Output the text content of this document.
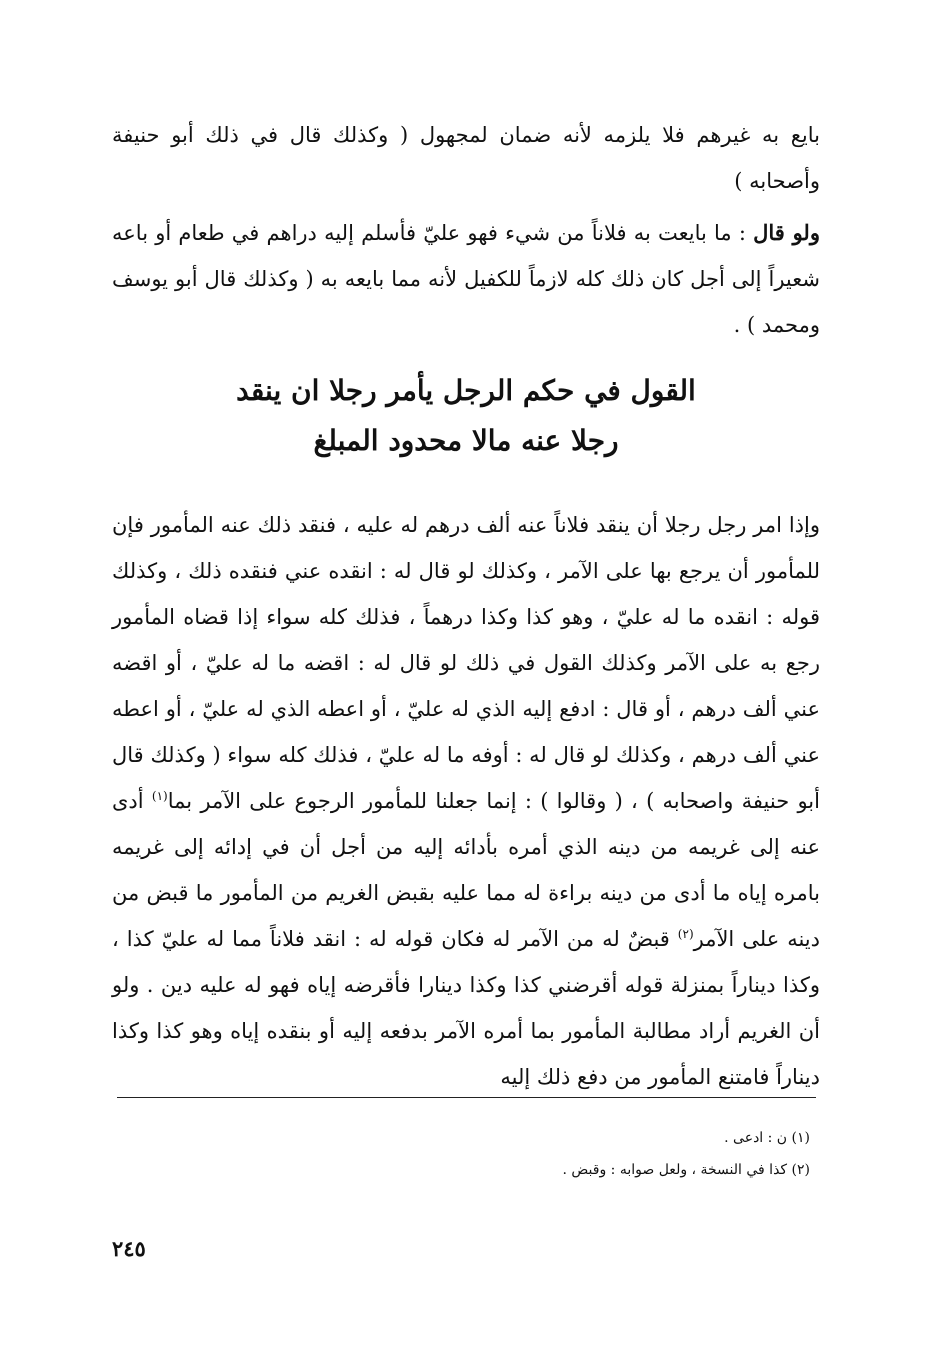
بايع به غيرهم فلا يلزمه لأنه ضمان لمجهول ( وكذلك قال في ذلك أبو حنيفة وأصحابه )

ولو قال : ما بايعت به فلاناً من شيء فهو عليّ فأسلم إليه دراهم في طعام أو باعه شعيراً إلى أجل كان ذلك كله لازماً للكفيل لأنه مما بايعه به ( وكذلك قال أبو يوسف ومحمد ) .

القول في حكم الرجل يأمر رجلا ان ينقد
رجلا عنه مالا محدود المبلغ

وإذا امر رجل رجلا أن ينقد فلاناً عنه ألف درهم له عليه ، فنقد ذلك عنه المأمور فإن للمأمور أن يرجع بها على الآمر ، وكذلك لو قال له : انقده عني فنقده ذلك ، وكذلك قوله : انقده ما له عليّ ، وهو كذا وكذا درهماً ، فذلك كله سواء إذا قضاه المأمور رجع به على الآمر وكذلك القول في ذلك لو قال له : اقضه ما له عليّ ، أو اقضه عني ألف درهم ، أو قال : ادفع إليه الذي له عليّ ، أو اعطه الذي له عليّ ، أو اعطه عني ألف درهم ، وكذلك لو قال له : أوفه ما له عليّ ، فذلك كله سواء ( وكذلك قال أبو حنيفة واصحابه ) ، ( وقالوا ) : إنما جعلنا للمأمور الرجوع على الآمر بما$^{(١)}$ أدى عنه إلى غريمه من دينه الذي أمره بأدائه إليه من أجل أن في إدائه إلى غريمه بامره إياه ما أدى من دينه براءة له مما عليه بقبض الغريم من المأمور ما قبض من دينه على الآمر$^{(٢)}$ قبضٌ له من الآمر له فكان قوله له : انقد فلاناً مما له عليّ كذا ، وكذا ديناراً بمنزلة قوله أقرضني كذا وكذا دينارا فأقرضه إياه فهو له عليه دين . ولو أن الغريم أراد مطالبة المأمور بما أمره الآمر بدفعه إليه أو بنقده إياه وهو كذا وكذا ديناراً فامتنع المأمور من دفع ذلك إليه

(١) ن : ادعى .
(٢) كذا في النسخة ، ولعل صوابه : وقبض .
٢٤٥
